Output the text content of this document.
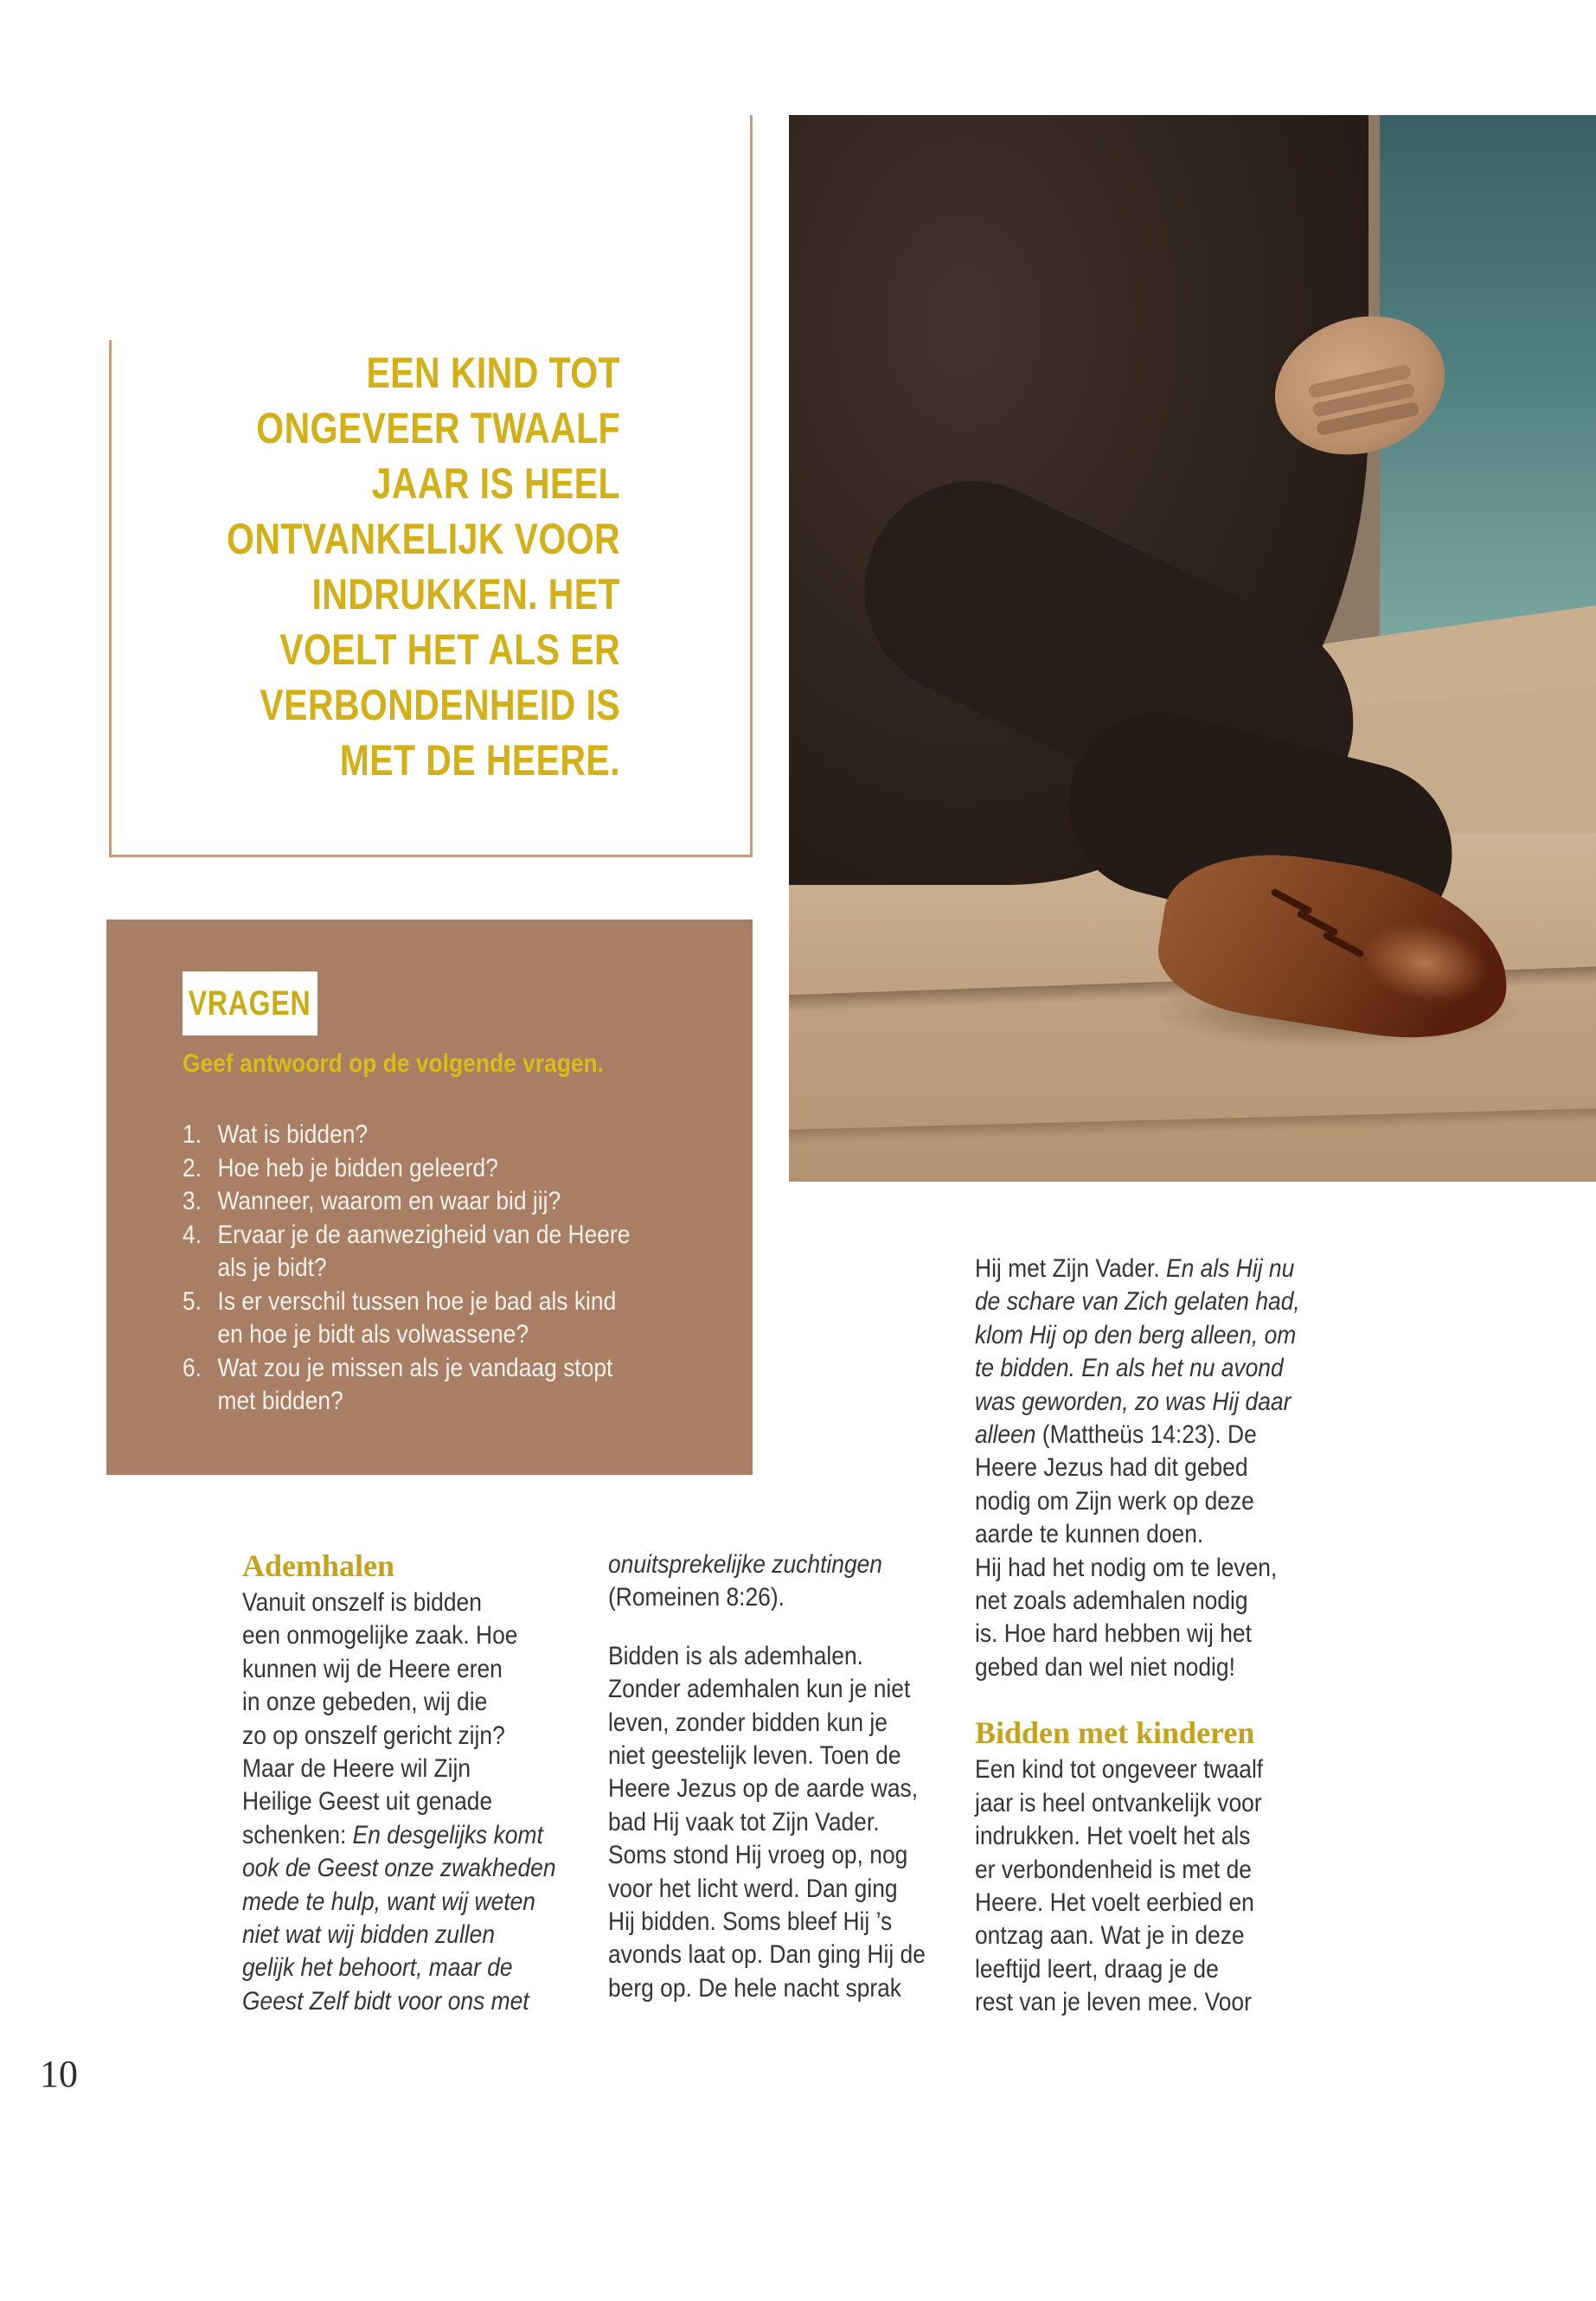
EEN KIND TOT
ONGEVEER TWAALF
JAAR IS HEEL
ONTVANKELIJK VOOR
INDRUKKEN. HET
VOELT HET ALS ER
VERBONDENHEID IS
MET DE HEERE.
VRAGEN
Geef antwoord op de volgende vragen.
1. Wat is bidden?
2. Hoe heb je bidden geleerd?
3. Wanneer, waarom en waar bid jij?
4. Ervaar je de aanwezigheid van de Heere
als je bidt?
5. Is er verschil tussen hoe je bad als kind
en hoe je bidt als volwassene?
6. Wat zou je missen als je vandaag stopt
met bidden?
Ademhalen
Vanuit onszelf is bidden
een onmogelijke zaak. Hoe
kunnen wij de Heere eren
in onze gebeden, wij die
zo op onszelf gericht zijn?
Maar de Heere wil Zijn
Heilige Geest uit genade
schenken: En desgelijks komt
ook de Geest onze zwakheden
mede te hulp, want wij weten
niet wat wij bidden zullen
gelijk het behoort, maar de
Geest Zelf bidt voor ons met
onuitsprekelijke zuchtingen
(Romeinen 8:26).
Bidden is als ademhalen.
Zonder ademhalen kun je niet
leven, zonder bidden kun je
niet geestelijk leven. Toen de
Heere Jezus op de aarde was,
bad Hij vaak tot Zijn Vader.
Soms stond Hij vroeg op, nog
voor het licht werd. Dan ging
Hij bidden. Soms bleef Hij ’s
avonds laat op. Dan ging Hij de
berg op. De hele nacht sprak
Hij met Zijn Vader. En als Hij nu
de schare van Zich gelaten had,
klom Hij op den berg alleen, om
te bidden. En als het nu avond
was geworden, zo was Hij daar
alleen (Mattheüs 14:23). De
Heere Jezus had dit gebed
nodig om Zijn werk op deze
aarde te kunnen doen.
Hij had het nodig om te leven,
net zoals ademhalen nodig
is. Hoe hard hebben wij het
gebed dan wel niet nodig!
Bidden met kinderen
Een kind tot ongeveer twaalf
jaar is heel ontvankelijk voor
indrukken. Het voelt het als
er verbondenheid is met de
Heere. Het voelt eerbied en
ontzag aan. Wat je in deze
leeftijd leert, draag je de
rest van je leven mee. Voor
10
